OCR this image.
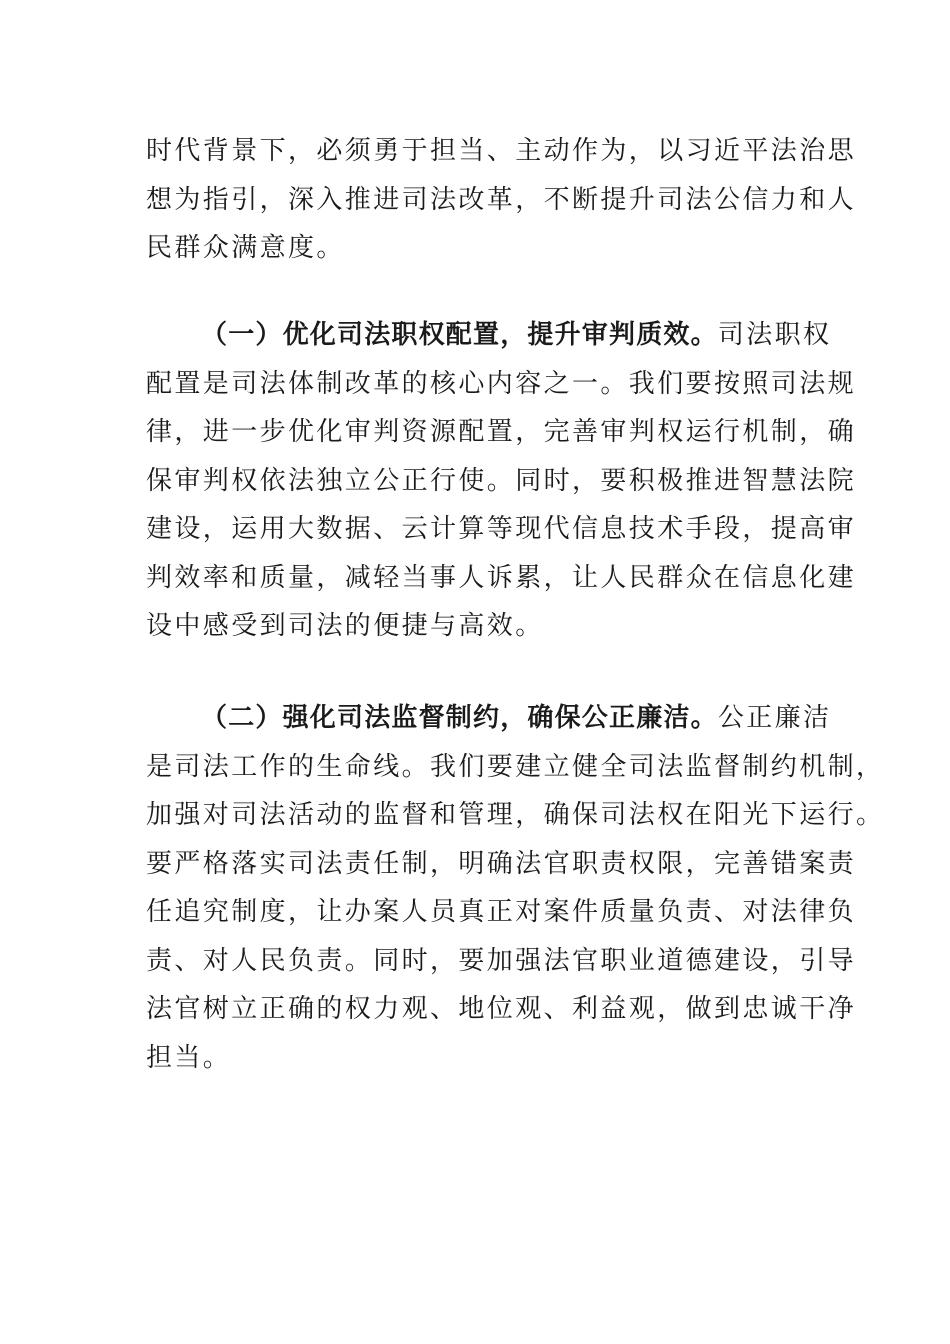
时代背景下，必须勇于担当、主动作为，以习近平法治思
想为指引，深入推进司法改革，不断提升司法公信力和人
民群众满意度。
（一）优化司法职权配置，提升审判质效。司法职权
配置是司法体制改革的核心内容之一。我们要按照司法规
律，进一步优化审判资源配置，完善审判权运行机制，确
保审判权依法独立公正行使。同时，要积极推进智慧法院
建设，运用大数据、云计算等现代信息技术手段，提高审
判效率和质量，减轻当事人诉累，让人民群众在信息化建
设中感受到司法的便捷与高效。
（二）强化司法监督制约，确保公正廉洁。公正廉洁
是司法工作的生命线。我们要建立健全司法监督制约机制，
加强对司法活动的监督和管理，确保司法权在阳光下运行。
要严格落实司法责任制，明确法官职责权限，完善错案责
任追究制度，让办案人员真正对案件质量负责、对法律负
责、对人民负责。同时，要加强法官职业道德建设，引导
法官树立正确的权力观、地位观、利益观，做到忠诚干净
担当。
